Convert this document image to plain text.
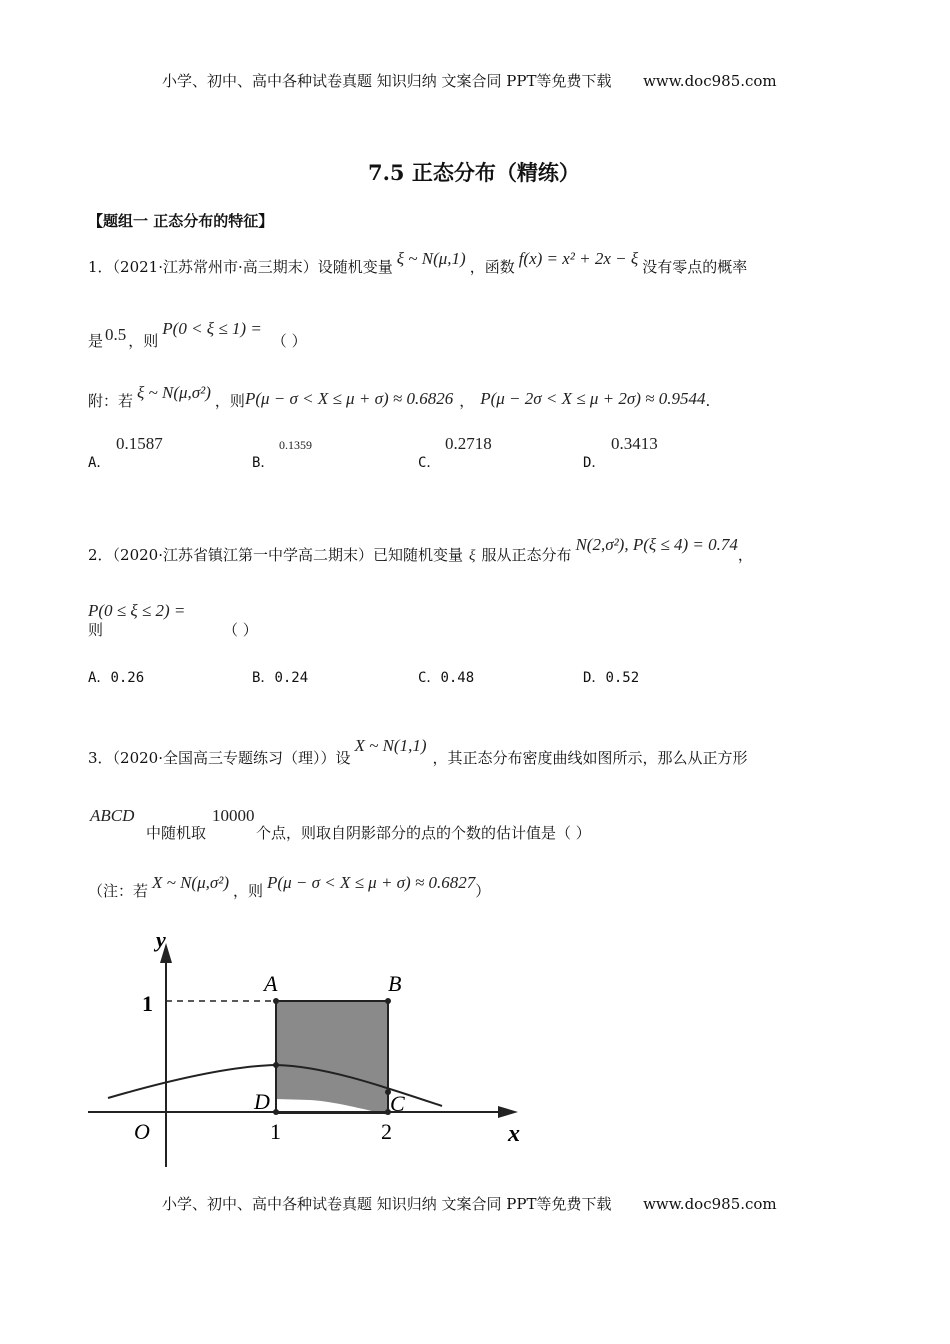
小学、初中、高中各种试卷真题 知识归纳 文案合同 PPT等免费下载 www.doc985.com
7.5 正态分布（精练）
【题组一 正态分布的特征】
1．（2021·江苏常州市·高三期末）设随机变量 ξ ~ N(μ,1) ，函数 f(x) = x² + 2x − ξ 没有零点的概率
是 0.5 ，则P(0 < ξ ≤ 1) =（ ）
附：若 ξ ~ N(μ,σ²) ，则P(μ − σ < X ≤ μ + σ) ≈ 0.6826 ， P(μ − 2σ < X ≤ μ + 2σ) ≈ 0.9544.
A．
0.1587
B．
0.1359
C．
0.2718
D．
0.3413
2．（2020·江苏省镇江第一中学高二期末）已知随机变量 ξ 服从正态分布N(2,σ²), P(ξ ≤ 4) = 0.74，
P(0 ≤ ξ ≤ 2) =
则	（ ）
A．0.26	B．0.24	C．0.48	D．0.52
3．（2020·全国高三专题练习（理））设X ~ N(1,1)，其正态分布密度曲线如图所示，那么从正方形
ABCD	10000
中随机取	个点，则取自阴影部分的点的个数的估计值是（ ）
（注：若 X ~ N(μ,σ²) ，则 P(μ − σ < X ≤ μ + σ) ≈ 0.6827）
y
x
O
1
1	2
A	B
D	C
小学、初中、高中各种试卷真题 知识归纳 文案合同 PPT等免费下载 www.doc985.com
